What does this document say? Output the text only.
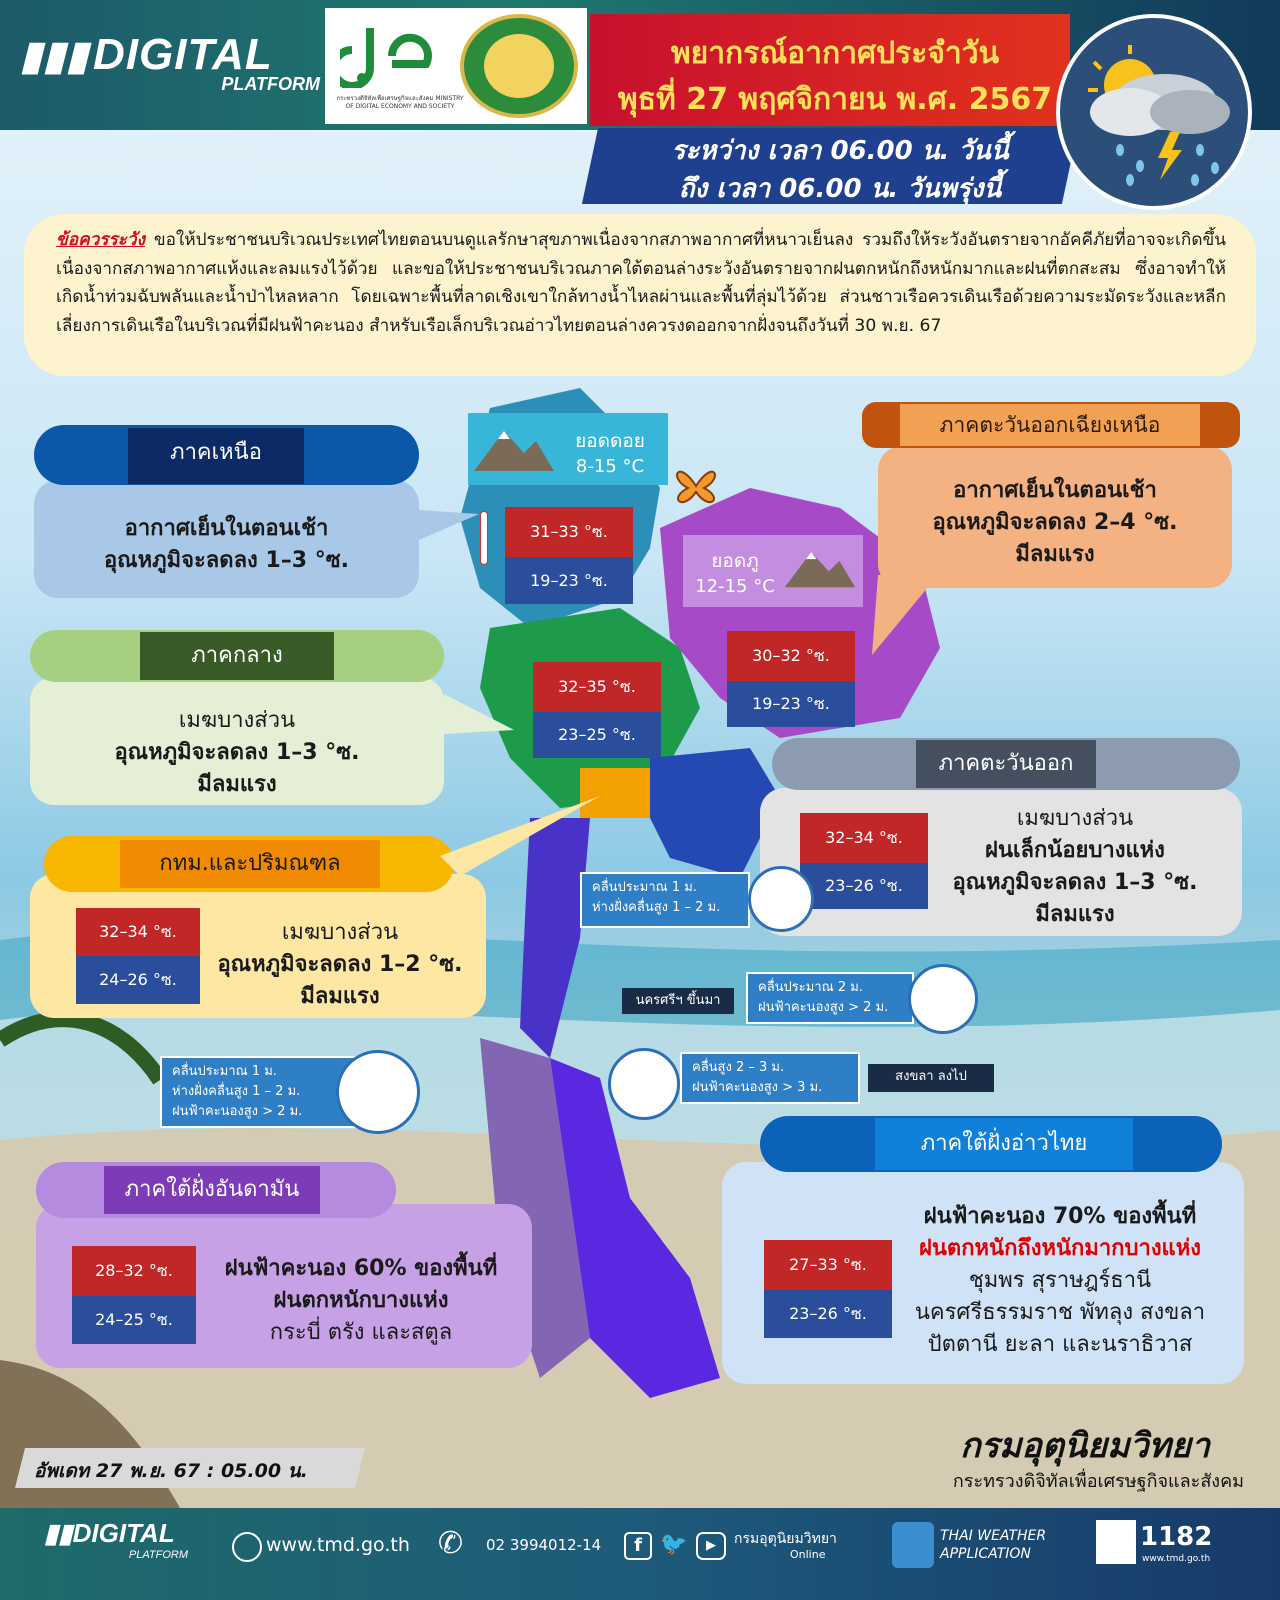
▮▮▮DIGITAL
PLATFORM
กระทรวงดิจิทัลเพื่อเศรษฐกิจและสังคม MINISTRY OF DIGITAL ECONOMY AND SOCIETY
พยากรณ์อากาศประจำวัน
พุธที่ 27 พฤศจิกายน พ.ศ. 2567
ระหว่าง เวลา 06.00 น. วันนี้
ถึง เวลา 06.00 น. วันพรุ่งนี้
ข้อควรระวัง ขอให้ประชาชนบริเวณประเทศไทยตอนบนดูแลรักษาสุขภาพเนื่องจากสภาพอากาศที่หนาวเย็นลง รวมถึงให้ระวังอันตรายจากอัคคีภัยที่อาจจะเกิดขึ้นเนื่องจากสภาพอากาศแห้งและลมแรงไว้ด้วย และขอให้ประชาชนบริเวณภาคใต้ตอนล่างระวังอันตรายจากฝนตกหนักถึงหนักมากและฝนที่ตกสะสม ซึ่งอาจทำให้เกิดน้ำท่วมฉับพลันและน้ำป่าไหลหลาก โดยเฉพาะพื้นที่ลาดเชิงเขาใกล้ทางน้ำไหลผ่านและพื้นที่ลุ่มไว้ด้วย ส่วนชาวเรือควรเดินเรือด้วยความระมัดระวังและหลีกเลี่ยงการเดินเรือในบริเวณที่มีฝนฟ้าคะนอง สำหรับเรือเล็กบริเวณอ่าวไทยตอนล่างควรงดออกจากฝั่งจนถึงวันที่ 30 พ.ย. 67
ยอดดอย
8-15 °C
ยอดภู
12-15 °C
ภาคเหนือ
อากาศเย็นในตอนเช้า
อุณหภูมิจะลดลง 1–3 °ซ.
31–33 °ซ.
19–23 °ซ.
ภาคตะวันออกเฉียงเหนือ
อากาศเย็นในตอนเช้า
อุณหภูมิจะลดลง 2–4 °ซ.
มีลมแรง
30–32 °ซ.
19–23 °ซ.
ภาคกลาง
เมฆบางส่วน
อุณหภูมิจะลดลง 1–3 °ซ.
มีลมแรง
32–35 °ซ.
23–25 °ซ.
ภาคตะวันออก
เมฆบางส่วน
ฝนเล็กน้อยบางแห่ง
อุณหภูมิจะลดลง 1–3 °ซ.
มีลมแรง
32–34 °ซ.
23–26 °ซ.
กทม.และปริมณฑล
เมฆบางส่วน
อุณหภูมิจะลดลง 1–2 °ซ.
มีลมแรง
32–34 °ซ.
24–26 °ซ.
คลื่นประมาณ 1 ม.
ห่างฝั่งคลื่นสูง 1 – 2 ม.
นครศรีฯ ขึ้นมา
คลื่นประมาณ 2 ม.
ฝนฟ้าคะนองสูง > 2 ม.
คลื่นสูง 2 – 3 ม.
ฝนฟ้าคะนองสูง > 3 ม.
สงขลา ลงไป
คลื่นประมาณ 1 ม.
ห่างฝั่งคลื่นสูง 1 – 2 ม.
ฝนฟ้าคะนองสูง > 2 ม.
ภาคใต้ฝั่งอ่าวไทย
ฝนฟ้าคะนอง 70% ของพื้นที่
ฝนตกหนักถึงหนักมากบางแห่ง
ชุมพร สุราษฎร์ธานี
นครศรีธรรมราช พัทลุง สงขลา
ปัตตานี ยะลา และนราธิวาส
27–33 °ซ.
23–26 °ซ.
ภาคใต้ฝั่งอันดามัน
ฝนฟ้าคะนอง 60% ของพื้นที่
ฝนตกหนักบางแห่ง
กระบี่ ตรัง และสตูล
28–32 °ซ.
24–25 °ซ.
อัพเดท 27 พ.ย. 67 : 05.00 น.
กรมอุตุนิยมวิทยา
กระทรวงดิจิทัลเพื่อเศรษฐกิจและสังคม
▮▮DIGITAL
PLATFORM	www.tmd.go.th ✆	02 3994012-14	f 🐦	▶	กรมอุตุนิยมวิทยา
Online
THAI WEATHER
APPLICATION
1182
www.tmd.go.th
